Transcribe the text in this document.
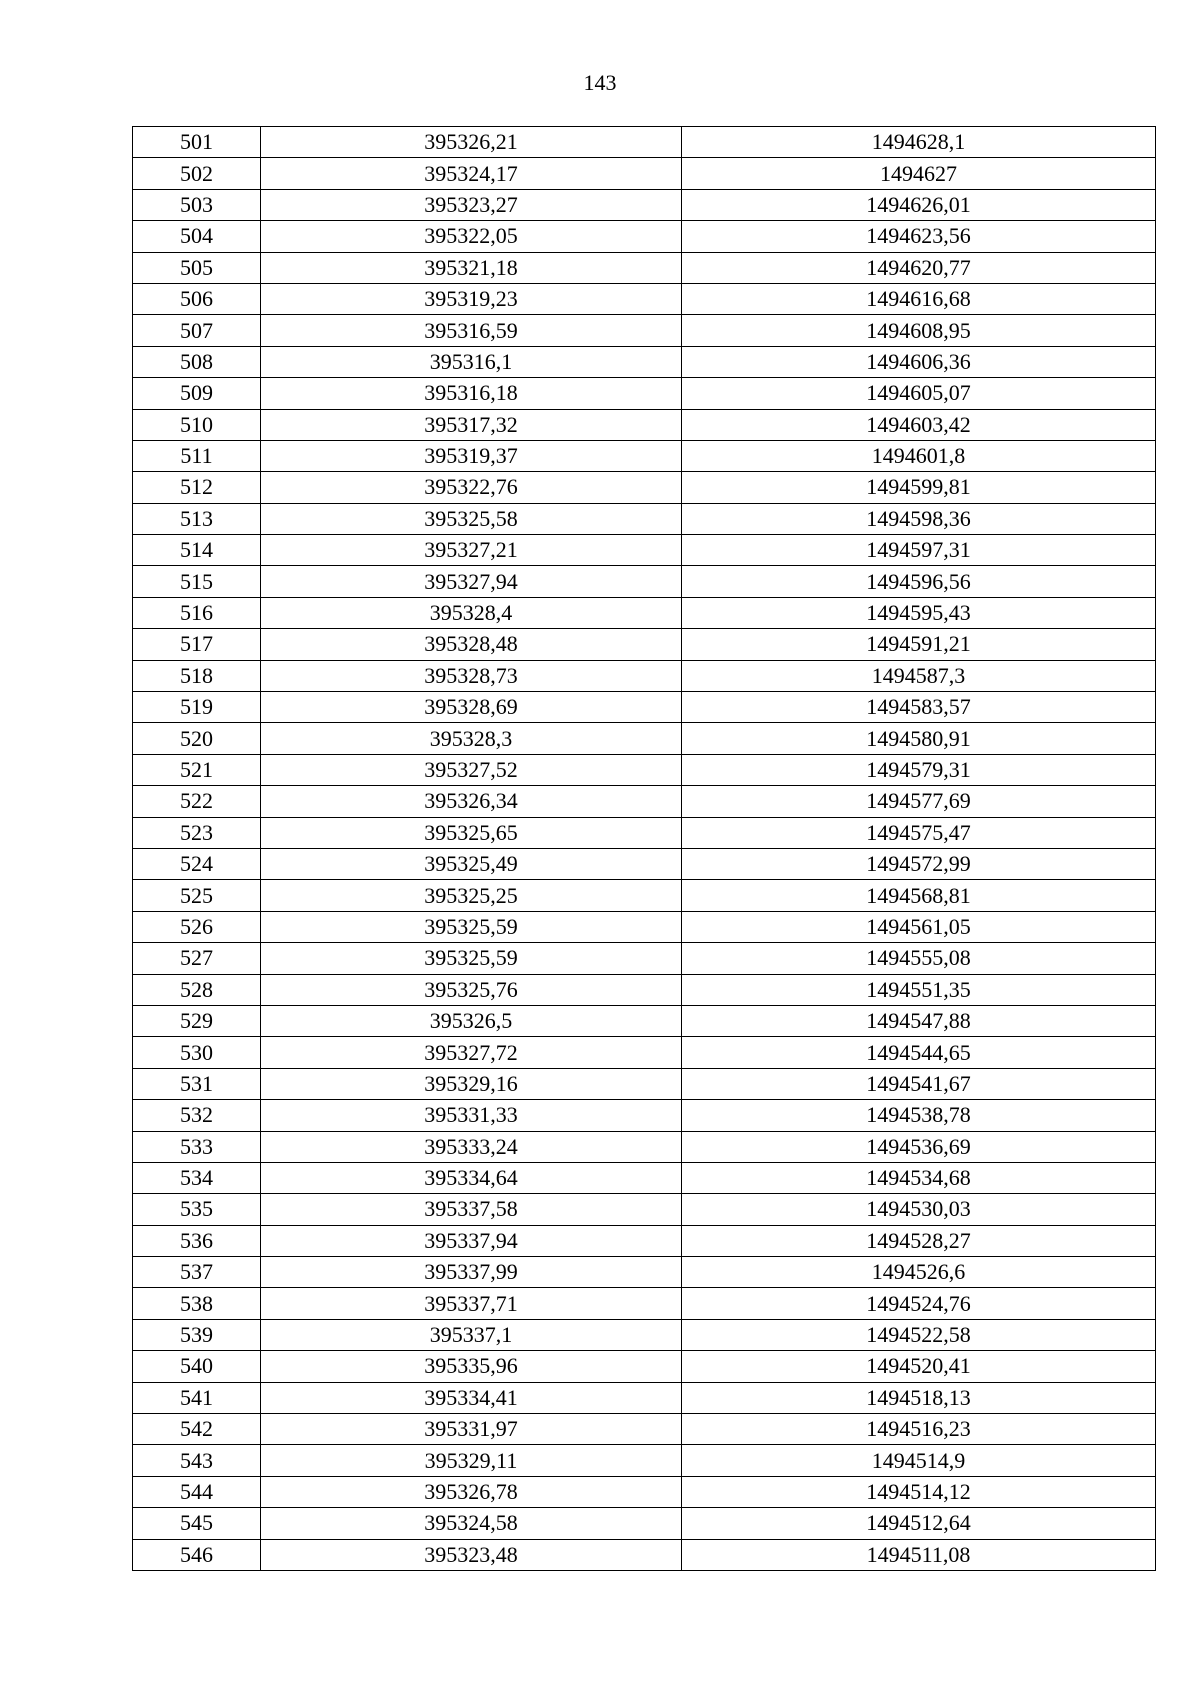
143
501	395326,21	1494628,1
502	395324,17	1494627
503	395323,27	1494626,01
504	395322,05	1494623,56
505	395321,18	1494620,77
506	395319,23	1494616,68
507	395316,59	1494608,95
508	395316,1	1494606,36
509	395316,18	1494605,07
510	395317,32	1494603,42
511	395319,37	1494601,8
512	395322,76	1494599,81
513	395325,58	1494598,36
514	395327,21	1494597,31
515	395327,94	1494596,56
516	395328,4	1494595,43
517	395328,48	1494591,21
518	395328,73	1494587,3
519	395328,69	1494583,57
520	395328,3	1494580,91
521	395327,52	1494579,31
522	395326,34	1494577,69
523	395325,65	1494575,47
524	395325,49	1494572,99
525	395325,25	1494568,81
526	395325,59	1494561,05
527	395325,59	1494555,08
528	395325,76	1494551,35
529	395326,5	1494547,88
530	395327,72	1494544,65
531	395329,16	1494541,67
532	395331,33	1494538,78
533	395333,24	1494536,69
534	395334,64	1494534,68
535	395337,58	1494530,03
536	395337,94	1494528,27
537	395337,99	1494526,6
538	395337,71	1494524,76
539	395337,1	1494522,58
540	395335,96	1494520,41
541	395334,41	1494518,13
542	395331,97	1494516,23
543	395329,11	1494514,9
544	395326,78	1494514,12
545	395324,58	1494512,64
546	395323,48	1494511,08
